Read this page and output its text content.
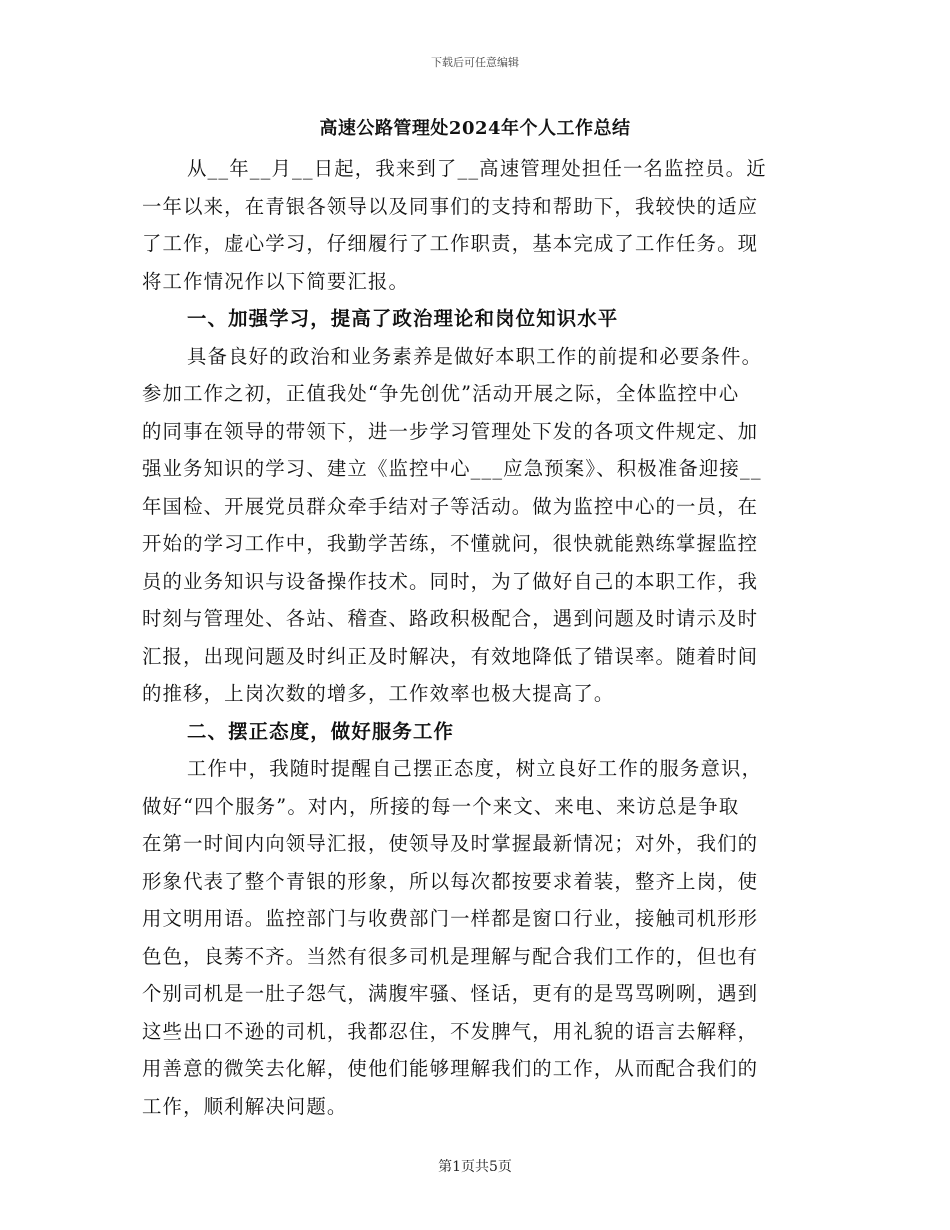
下载后可任意编辑
高速公路管理处2024年个人工作总结
从__年__月__日起，我来到了__高速管理处担任一名监控员。近
一年以来，在青银各领导以及同事们的支持和帮助下，我较快的适应
了工作，虚心学习，仔细履行了工作职责，基本完成了工作任务。现
将工作情况作以下简要汇报。
一、加强学习，提高了政治理论和岗位知识水平
具备良好的政治和业务素养是做好本职工作的前提和必要条件。
参加工作之初，正值我处“争先创优”活动开展之际，全体监控中心
的同事在领导的带领下，进一步学习管理处下发的各项文件规定、加
强业务知识的学习、建立《监控中心___应急预案》、积极准备迎接__
年国检、开展党员群众牵手结对子等活动。做为监控中心的一员，在
开始的学习工作中，我勤学苦练，不懂就问，很快就能熟练掌握监控
员的业务知识与设备操作技术。同时，为了做好自己的本职工作，我
时刻与管理处、各站、稽查、路政积极配合，遇到问题及时请示及时
汇报，出现问题及时纠正及时解决，有效地降低了错误率。随着时间
的推移，上岗次数的增多，工作效率也极大提高了。
二、摆正态度，做好服务工作
工作中，我随时提醒自己摆正态度，树立良好工作的服务意识，
做好“四个服务”。对内，所接的每一个来文、来电、来访总是争取
在第一时间内向领导汇报，使领导及时掌握最新情况；对外，我们的
形象代表了整个青银的形象，所以每次都按要求着装，整齐上岗，使
用文明用语。监控部门与收费部门一样都是窗口行业，接触司机形形
色色，良莠不齐。当然有很多司机是理解与配合我们工作的，但也有
个别司机是一肚子怨气，满腹牢骚、怪话，更有的是骂骂咧咧，遇到
这些出口不逊的司机，我都忍住，不发脾气，用礼貌的语言去解释，
用善意的微笑去化解，使他们能够理解我们的工作，从而配合我们的
工作，顺利解决问题。
第1页共5页
